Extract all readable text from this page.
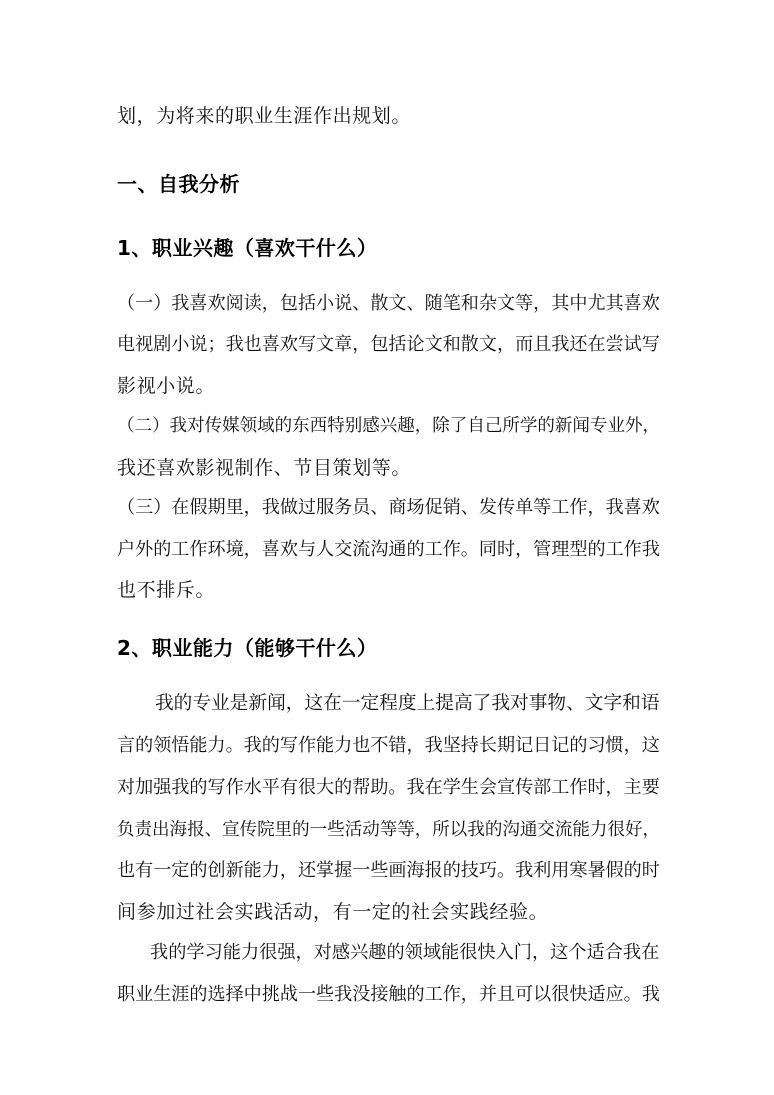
划，为将来的职业生涯作出规划。
一、自我分析
1、职业兴趣（喜欢干什么）
（一）我喜欢阅读，包括小说、散文、随笔和杂文等，其中尤其喜欢
电视剧小说；我也喜欢写文章，包括论文和散文，而且我还在尝试写
影视小说。
（二）我对传媒领域的东西特别感兴趣，除了自己所学的新闻专业外，
我还喜欢影视制作、节目策划等。
（三）在假期里，我做过服务员、商场促销、发传单等工作，我喜欢
户外的工作环境，喜欢与人交流沟通的工作。同时，管理型的工作我
也不排斥。
2、职业能力（能够干什么）
我的专业是新闻，这在一定程度上提高了我对事物、文字和语
言的领悟能力。我的写作能力也不错，我坚持长期记日记的习惯，这
对加强我的写作水平有很大的帮助。我在学生会宣传部工作时，主要
负责出海报、宣传院里的一些活动等等，所以我的沟通交流能力很好，
也有一定的创新能力，还掌握一些画海报的技巧。我利用寒暑假的时
间参加过社会实践活动，有一定的社会实践经验。
我的学习能力很强，对感兴趣的领域能很快入门，这个适合我在
职业生涯的选择中挑战一些我没接触的工作，并且可以很快适应。我
